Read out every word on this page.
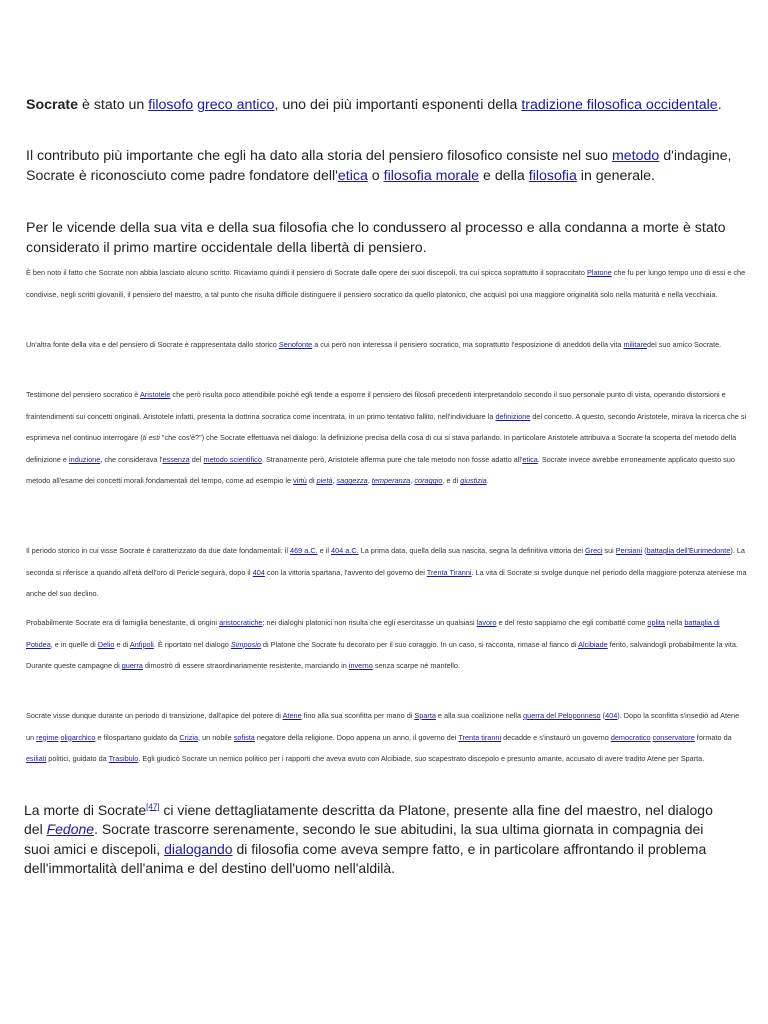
Socrate è stato un filosofo greco antico, uno dei più importanti esponenti della tradizione filosofica occidentale.

Il contributo più importante che egli ha dato alla storia del pensiero filosofico consiste nel suo metodo d'indagine, Socrate è riconosciuto come padre fondatore dell'etica o filosofia morale e della filosofia in generale.

Per le vicende della sua vita e della sua filosofia che lo condussero al processo e alla condanna a morte è stato considerato il primo martire occidentale della libertà di pensiero.

È ben noto il fatto che Socrate non abbia lasciato alcuno scritto. Ricaviamo quindi il pensiero di Socrate dalle opere dei suoi discepoli, tra cui spicca soprattutto il sopraccitato Platone che fu per lungo tempo uno di essi e che condivise, negli scritti giovanili, il pensiero del maestro, a tal punto che risulta difficile distinguere il pensiero socratico da quello platonico, che acquisì poi una maggiore originalità solo nella maturità e nella vecchiaia.

Un'altra fonte della vita e del pensiero di Socrate è rappresentata dallo storico Senofonte a cui però non interessa il pensiero socratico, ma soprattutto l'esposizione di aneddoti della vita militaredel suo amico Socrate.

Testimone del pensiero socratico è Aristotele che però risulta poco attendibile poiché egli tende a esporre il pensiero dei filosofi precedenti interpretandolo secondo il suo personale punto di vista, operando distorsioni e fraintendimenti sui concetti originali. Aristotele infatti, presenta la dottrina socratica come incentrata, in un primo tentativo fallito, nell'individuare la definizione del concetto. A questo, secondo Aristotele, mirava la ricerca che si esprimeva nel continuo interrogare (ti esti "che cos'è?") che Socrate effettuava nel dialogo: la definizione precisa della cosa di cui si stava parlando. In particolare Aristotele attribuiva a Socrate la scoperta del metodo della definizione e induzione, che considerava l'essenza del metodo scientifico. Stranamente però, Aristotele afferma pure che tale metodo non fosse adatto all'etica. Socrate invece avrebbe erroneamente applicato questo suo metodo all'esame dei concetti morali fondamentali del tempo, come ad esempio le virtù di pietà, saggezza, temperanza, coraggio, e di giustizia.

Il periodo storico in cui visse Socrate è caratterizzato da due date fondamentali: il 469 a.C. e il 404 a.C. La prima data, quella della sua nascita, segna la definitiva vittoria dei Greci sui Persiani (battaglia dell'Eurimedonte). La seconda si riferisce a quando all'età dell'oro di Pericle seguirà, dopo il 404 con la vittoria spartana, l'avvento del governo dei Trenta Tiranni. La vita di Socrate si svolge dunque nel periodo della maggiore potenza ateniese ma anche del suo declino.

Probabilmente Socrate era di famiglia benestante, di origini aristocratiche; nei dialoghi platonici non risulta che egli esercitasse un qualsiasi lavoro e del resto sappiamo che egli combatté come oplita nella battaglia di Potidea, e in quelle di Delio e di Anfipoli. È riportato nel dialogo Simposio di Platone che Socrate fu decorato per il suo coraggio. In un caso, si racconta, rimase al fianco di Alcibiade ferito, salvandogli probabilmente la vita. Durante queste campagne di guerra dimostrò di essere straordinariamente resistente, marciando in inverno senza scarpe né mantello.

Socrate visse dunque durante un periodo di transizione, dall'apice del potere di Atene fino alla sua sconfitta per mano di Sparta e alla sua coalizione nella guerra del Peloponneso (404). Dopo la sconfitta s'insediò ad Atene un regime oligarchico e filospartano guidato da Crizia, un nobile sofista negatore della religione. Dopo appena un anno, il governo dei Trenta tiranni decadde e s'instaurò un governo democratico conservatore formato da esiliati politici, guidato da Trasibulo. Egli giudicò Socrate un nemico politico per i rapporti che aveva avuto con Alcibiade, suo scapestrato discepolo e presunto amante, accusato di avere tradito Atene per Sparta.

La morte di Socrate[47] ci viene dettagliatamente descritta da Platone, presente alla fine del maestro, nel dialogo del Fedone. Socrate trascorre serenamente, secondo le sue abitudini, la sua ultima giornata in compagnia dei suoi amici e discepoli, dialogando di filosofia come aveva sempre fatto, e in particolare affrontando il problema dell'immortalità dell'anima e del destino dell'uomo nell'aldilà.
